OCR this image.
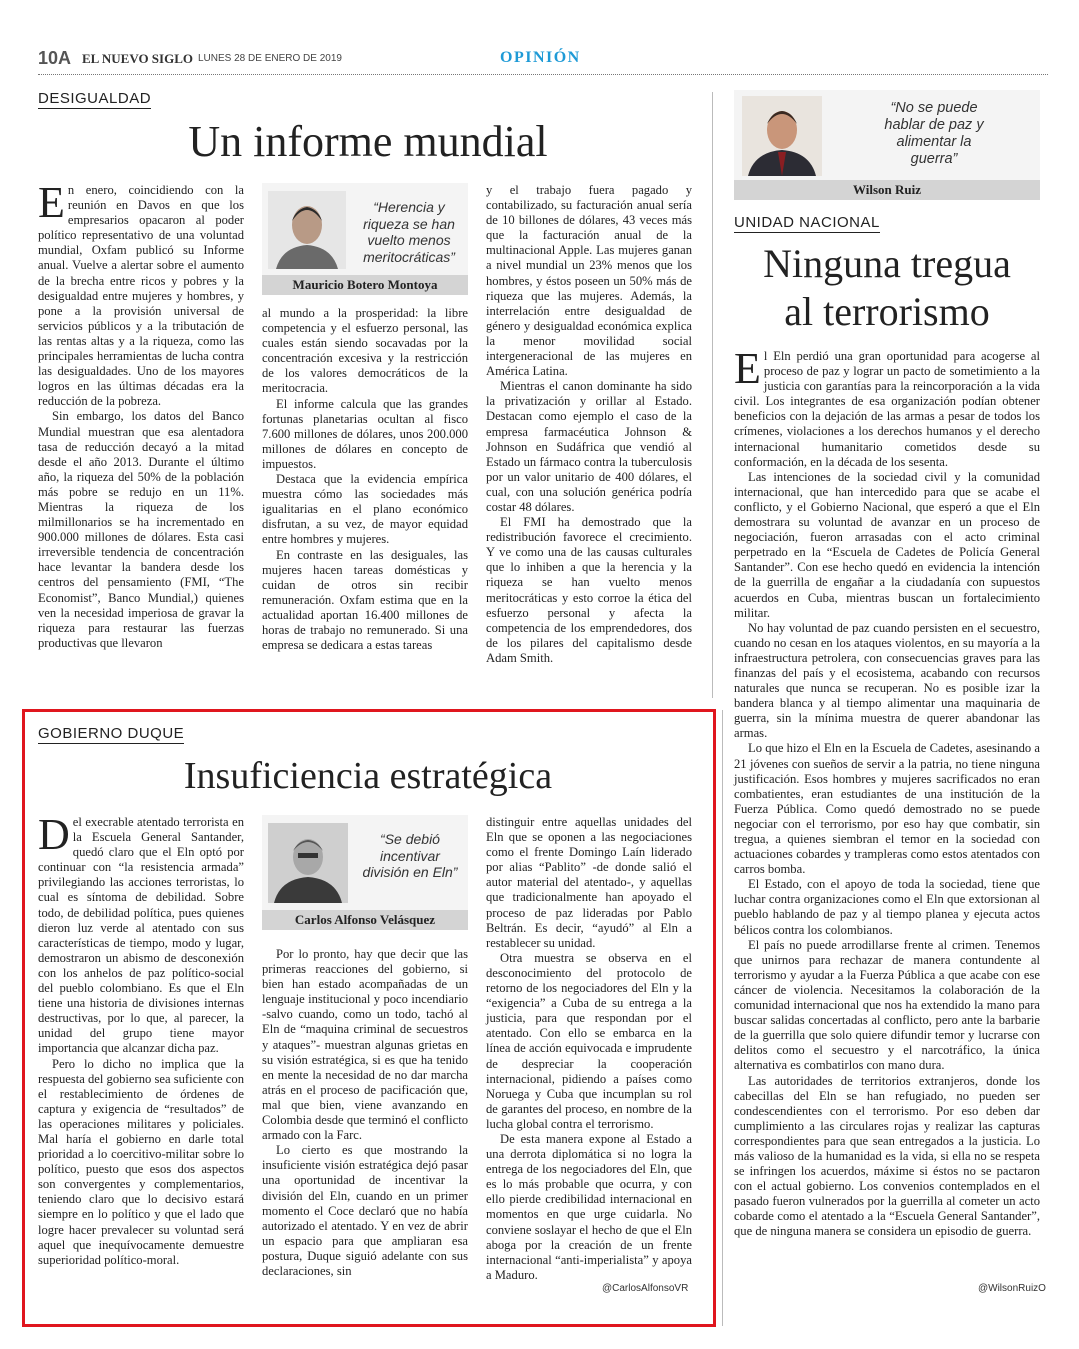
10A EL NUEVO SIGLO LUNES 28 DE ENERO DE 2019	OPINIÓN
DESIGUALDAD
Un informe mundial

En enero, coincidiendo con la reunión en Davos en que los empresarios opacaron al poder político representativo de una voluntad mundial, Oxfam publicó su Informe anual. Vuelve a alertar sobre el aumento de la brecha entre ricos y pobres y la desigualdad entre mujeres y hombres, y pone a la provisión universal de servicios públicos y a la tributación de las rentas altas y a la riqueza, como las principales herramientas de lucha contra las desigualdades. Uno de los mayores logros en las últimas décadas era la reducción de la pobreza.

Sin embargo, los datos del Banco Mundial muestran que esa alentadora tasa de reducción decayó a la mitad desde el año 2013. Durante el último año, la riqueza del 50% de la población más pobre se redujo en un 11%. Mientras la riqueza de los milmillonarios se ha incrementado en 900.000 millones de dólares. Esta casi irreversible tendencia de concentración hace levantar la bandera desde los centros del pensamiento (FMI, “The Economist”, Banco Mundial,) quienes ven la necesidad imperiosa de gravar la riqueza para restaurar las fuerzas productivas que llevaron

“Herencia y riqueza se han vuelto menos meritocráticas”
Mauricio Botero Montoya

al mundo a la prosperidad: la libre competencia y el esfuerzo personal, las cuales están siendo socavadas por la concentración excesiva y la restricción de los valores democráticos de la meritocracia.

El informe calcula que las grandes fortunas planetarias ocultan al fisco 7.600 millones de dólares, unos 200.000 millones de dólares en concepto de impuestos.

Destaca que la evidencia empírica muestra cómo las sociedades más igualitarias en el plano económico disfrutan, a su vez, de mayor equidad entre hombres y mujeres.

En contraste en las desiguales, las mujeres hacen tareas domésticas y cuidan de otros sin recibir remuneración. Oxfam estima que en la actualidad aportan 16.400 millones de horas de trabajo no remunerado. Si una empresa se dedicara a estas tareas

y el trabajo fuera pagado y contabilizado, su facturación anual sería de 10 billones de dólares, 43 veces más que la facturación anual de la multinacional Apple. Las mujeres ganan a nivel mundial un 23% menos que los hombres, y éstos poseen un 50% más de riqueza que las mujeres. Además, la interrelación entre desigualdad de género y desigualdad económica explica la menor movilidad social intergeneracional de las mujeres en América Latina.

Mientras el canon dominante ha sido la privatización y orillar al Estado. Destacan como ejemplo el caso de la empresa farmacéutica Johnson & Johnson en Sudáfrica que vendió al Estado un fármaco contra la tuberculosis por un valor unitario de 400 dólares, el cual, con una solución genérica podría costar 48 dólares.

El FMI ha demostrado que la redistribución favorece el crecimiento. Y ve como una de las causas culturales que lo inhiben a que la herencia y la riqueza se han vuelto menos meritocráticas y esto corroe la ética del esfuerzo personal y afecta la competencia de los emprendedores, dos de los pilares del capitalismo desde Adam Smith.

GOBIERNO DUQUE
Insuficiencia estratégica

Del execrable atentado terrorista en la Escuela General Santander, quedó claro que el Eln optó por continuar con “la resistencia armada” privilegiando las acciones terroristas, lo cual es síntoma de debilidad. Sobre todo, de debilidad política, pues quienes dieron luz verde al atentado con sus características de tiempo, modo y lugar, demostraron un abismo de desconexión con los anhelos de paz político-social del pueblo colombiano. Es que el Eln tiene una historia de divisiones internas destructivas, por lo que, al parecer, la unidad del grupo tiene mayor importancia que alcanzar dicha paz.

Pero lo dicho no implica que la respuesta del gobierno sea suficiente con el restablecimiento de órdenes de captura y exigencia de “resultados” de las operaciones militares y policiales. Mal haría el gobierno en darle total prioridad a lo coercitivo-militar sobre lo político, puesto que esos dos aspectos son convergentes y complementarios, teniendo claro que lo decisivo estará siempre en lo político y que el lado que logre hacer prevalecer su voluntad será aquel que inequívocamente demuestre superioridad político-moral.

“Se debió incentivar división en Eln”
Carlos Alfonso Velásquez

Por lo pronto, hay que decir que las primeras reacciones del gobierno, si bien han estado acompañadas de un lenguaje institucional y poco incendiario -salvo cuando, como un todo, tachó al Eln de “maquina criminal de secuestros y ataques”- muestran algunas grietas en su visión estratégica, si es que ha tenido en mente la necesidad de no dar marcha atrás en el proceso de pacificación que, mal que bien, viene avanzando en Colombia desde que terminó el conflicto armado con la Farc.

Lo cierto es que mostrando la insuficiente visión estratégica dejó pasar una oportunidad de incentivar la división del Eln, cuando en un primer momento el Coce declaró que no había autorizado el atentado. Y en vez de abrir un espacio para que ampliaran esa postura, Duque siguió adelante con sus declaraciones, sin

distinguir entre aquellas unidades del Eln que se oponen a las negociaciones como el frente Domingo Laín liderado por alias “Pablito” -de donde salió el autor material del atentado-, y aquellas que tradicionalmente han apoyado el proceso de paz lideradas por Pablo Beltrán. Es decir, “ayudó” al Eln a restablecer su unidad.

Otra muestra se observa en el desconocimiento del protocolo de retorno de los negociadores del Eln y la “exigencia” a Cuba de su entrega a la justicia, para que respondan por el atentado. Con ello se embarca en la línea de acción equivocada e imprudente de despreciar la cooperación internacional, pidiendo a países como Noruega y Cuba que incumplan su rol de garantes del proceso, en nombre de la lucha global contra el terrorismo.

De esta manera expone al Estado a una derrota diplomática si no logra la entrega de los negociadores del Eln, que es lo más probable que ocurra, y con ello pierde credibilidad internacional en momentos en que urge cuidarla. No conviene soslayar el hecho de que el Eln aboga por la creación de un frente internacional “anti-imperialista” y apoya a Maduro.

@CarlosAlfonsoVR
“No se puede hablar de paz y alimentar la guerra”
Wilson Ruiz
UNIDAD NACIONAL
Ninguna tregua
al terrorismo

El Eln perdió una gran oportunidad para acogerse al proceso de paz y lograr un pacto de sometimiento a la justicia con garantías para la reincorporación a la vida civil. Los integrantes de esa organización podían obtener beneficios con la dejación de las armas a pesar de todos los crímenes, violaciones a los derechos humanos y el derecho internacional humanitario cometidos desde su conformación, en la década de los sesenta.

Las intenciones de la sociedad civil y la comunidad internacional, que han intercedido para que se acabe el conflicto, y el Gobierno Nacional, que esperó a que el Eln demostrara su voluntad de avanzar en un proceso de negociación, fueron arrasadas con el acto criminal perpetrado en la “Escuela de Cadetes de Policía General Santander”. Con ese hecho quedó en evidencia la intención de la guerrilla de engañar a la ciudadanía con supuestos acuerdos en Cuba, mientras buscan un fortalecimiento militar.

No hay voluntad de paz cuando persisten en el secuestro, cuando no cesan en los ataques violentos, en su mayoría a la infraestructura petrolera, con consecuencias graves para las finanzas del país y el ecosistema, acabando con recursos naturales que nunca se recuperan. No es posible izar la bandera blanca y al tiempo alimentar una maquinaria de guerra, sin la mínima muestra de querer abandonar las armas.

Lo que hizo el Eln en la Escuela de Cadetes, asesinando a 21 jóvenes con sueños de servir a la patria, no tiene ninguna justificación. Esos hombres y mujeres sacrificados no eran combatientes, eran estudiantes de una institución de la Fuerza Pública. Como quedó demostrado no se puede negociar con el terrorismo, por eso hay que combatir, sin tregua, a quienes siembran el temor en la sociedad con actuaciones cobardes y trampleras como estos atentados con carros bomba.

El Estado, con el apoyo de toda la sociedad, tiene que luchar contra organizaciones como el Eln que extorsionan al pueblo hablando de paz y al tiempo planea y ejecuta actos bélicos contra los colombianos.

El país no puede arrodillarse frente al crimen. Tenemos que unirnos para rechazar de manera contundente al terrorismo y ayudar a la Fuerza Pública a que acabe con ese cáncer de violencia. Necesitamos la colaboración de la comunidad internacional que nos ha extendido la mano para buscar salidas concertadas al conflicto, pero ante la barbarie de la guerrilla que solo quiere difundir temor y lucrarse con delitos como el secuestro y el narcotráfico, la única alternativa es combatirlos con mano dura.

Las autoridades de territorios extranjeros, donde los cabecillas del Eln se han refugiado, no pueden ser condescendientes con el terrorismo. Por eso deben dar cumplimiento a las circulares rojas y realizar las capturas correspondientes para que sean entregados a la justicia. Lo más valioso de la humanidad es la vida, si ella no se respeta se infringen los acuerdos, máxime si éstos no se pactaron con el actual gobierno. Los convenios contemplados en el pasado fueron vulnerados por la guerrilla al cometer un acto cobarde como el atentado a la “Escuela General Santander”, que de ninguna manera se considera un episodio de guerra.

@WilsonRuizO
